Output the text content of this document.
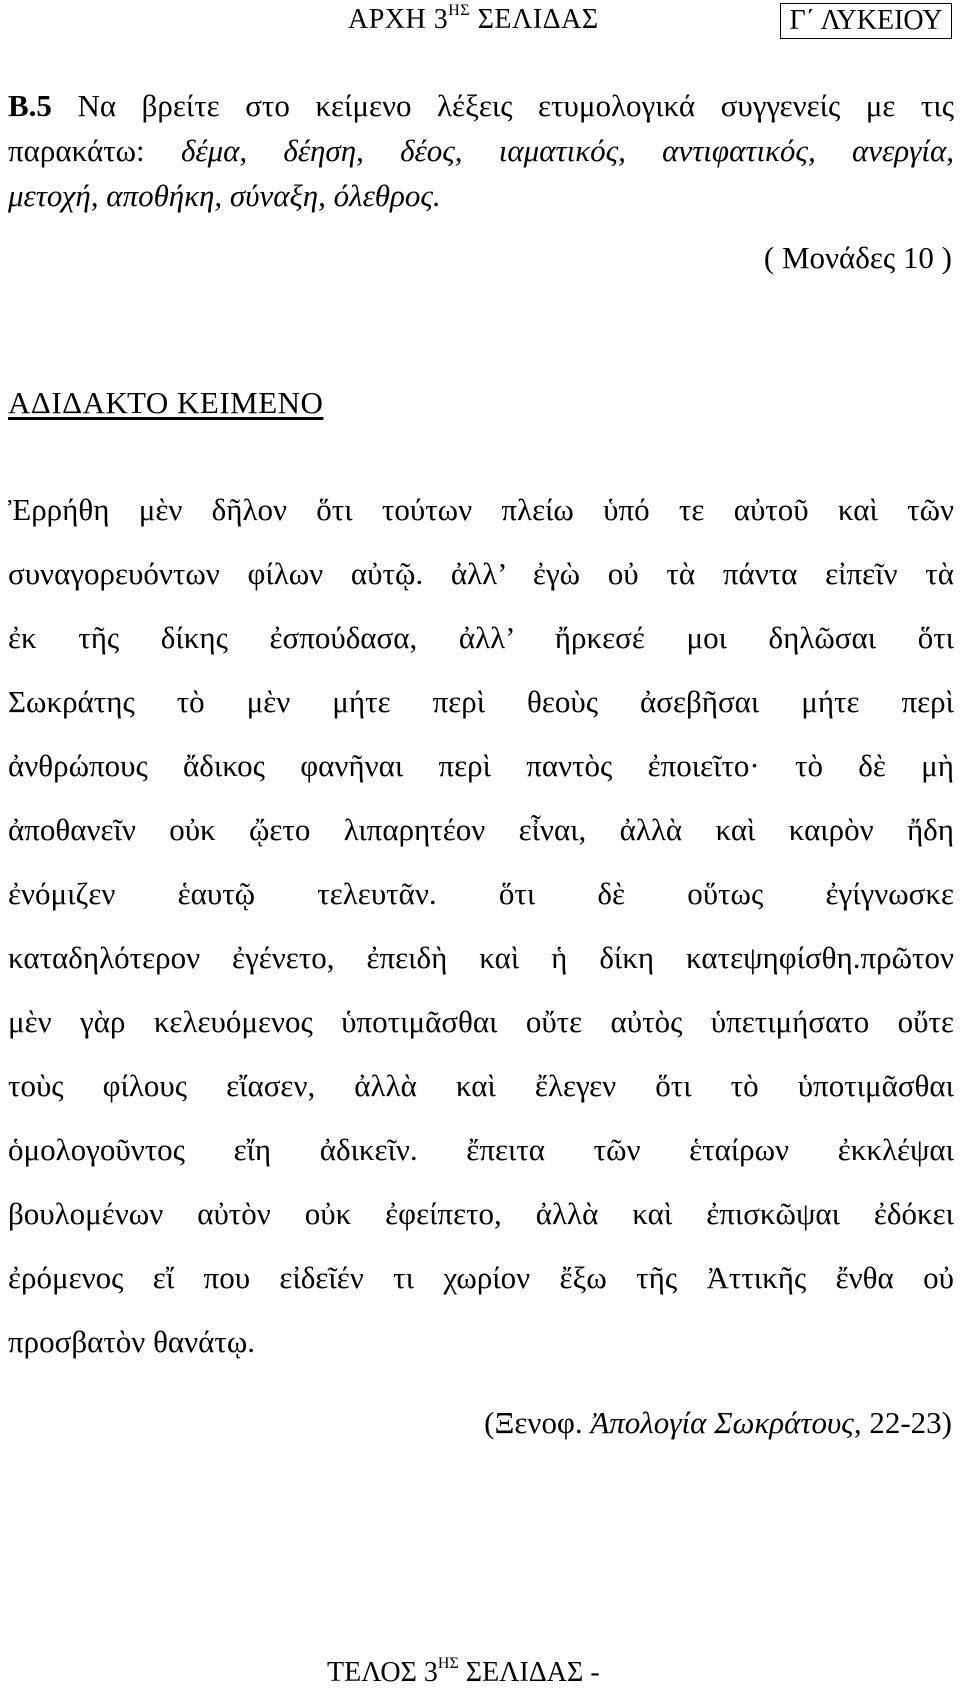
ΑΡΧΗ $3^{H\Sigma}$ ΣΕΛΙΔΑΣ	Γ΄ ΛΥΚΕΙΟΥ
Β.5 Να βρείτε στο κείμενο λέξεις ετυμολογικά συγγενείς με τις
παρακάτω: δέμα, δέηση, δέος, ιαματικός, αντιφατικός, ανεργία,
μετοχή, αποθήκη, σύναξη, όλεθρος.
( Μονάδες 10 )
ΑΔΙΔΑΚΤΟ ΚΕΙΜΕΝΟ
Ἐρρήθη μὲν δῆλον ὅτι τούτων πλείω ὑπό τε αὐτοῦ καὶ τῶν
συναγορευόντων φίλων αὐτῷ. ἀλλ’ ἐγὼ οὐ τὰ πάντα εἰπεῖν τὰ
ἐκ τῆς δίκης ἐσπούδασα, ἀλλ’ ἤρκεσέ μοι δηλῶσαι ὅτι
Σωκράτης τὸ μὲν μήτε περὶ θεοὺς ἀσεβῆσαι μήτε περὶ
ἀνθρώπους ἄδικος φανῆναι περὶ παντὸς ἐποιεῖτο· τὸ δὲ μὴ
ἀποθανεῖν οὐκ ᾤετο λιπαρητέον εἶναι, ἀλλὰ καὶ καιρὸν ἤδη
ἐνόμιζεν ἑαυτῷ τελευτᾶν. ὅτι δὲ οὕτως ἐγίγνωσκε
καταδηλότερον ἐγένετο, ἐπειδὴ καὶ ἡ δίκη κατεψηφίσθη.πρῶτον
μὲν γὰρ κελευόμενος ὑποτιμᾶσθαι οὔτε αὐτὸς ὑπετιμήσατο οὔτε
τοὺς φίλους εἴασεν, ἀλλὰ καὶ ἔλεγεν ὅτι τὸ ὑποτιμᾶσθαι
ὁμολογοῦντος εἴη ἀδικεῖν. ἔπειτα τῶν ἑταίρων ἐκκλέψαι
βουλομένων αὐτὸν οὐκ ἐφείπετο, ἀλλὰ καὶ ἐπισκῶψαι ἐδόκει
ἐρόμενος εἴ που εἰδεῖέν τι χωρίον ἔξω τῆς Ἀττικῆς ἔνθα οὐ
προσβατὸν θανάτῳ.
(Ξενοφ. Ἀπολογία Σωκράτους, 22-23)
ΤΕΛΟΣ $3^{H\Sigma}$ ΣΕΛΙΔΑΣ -
